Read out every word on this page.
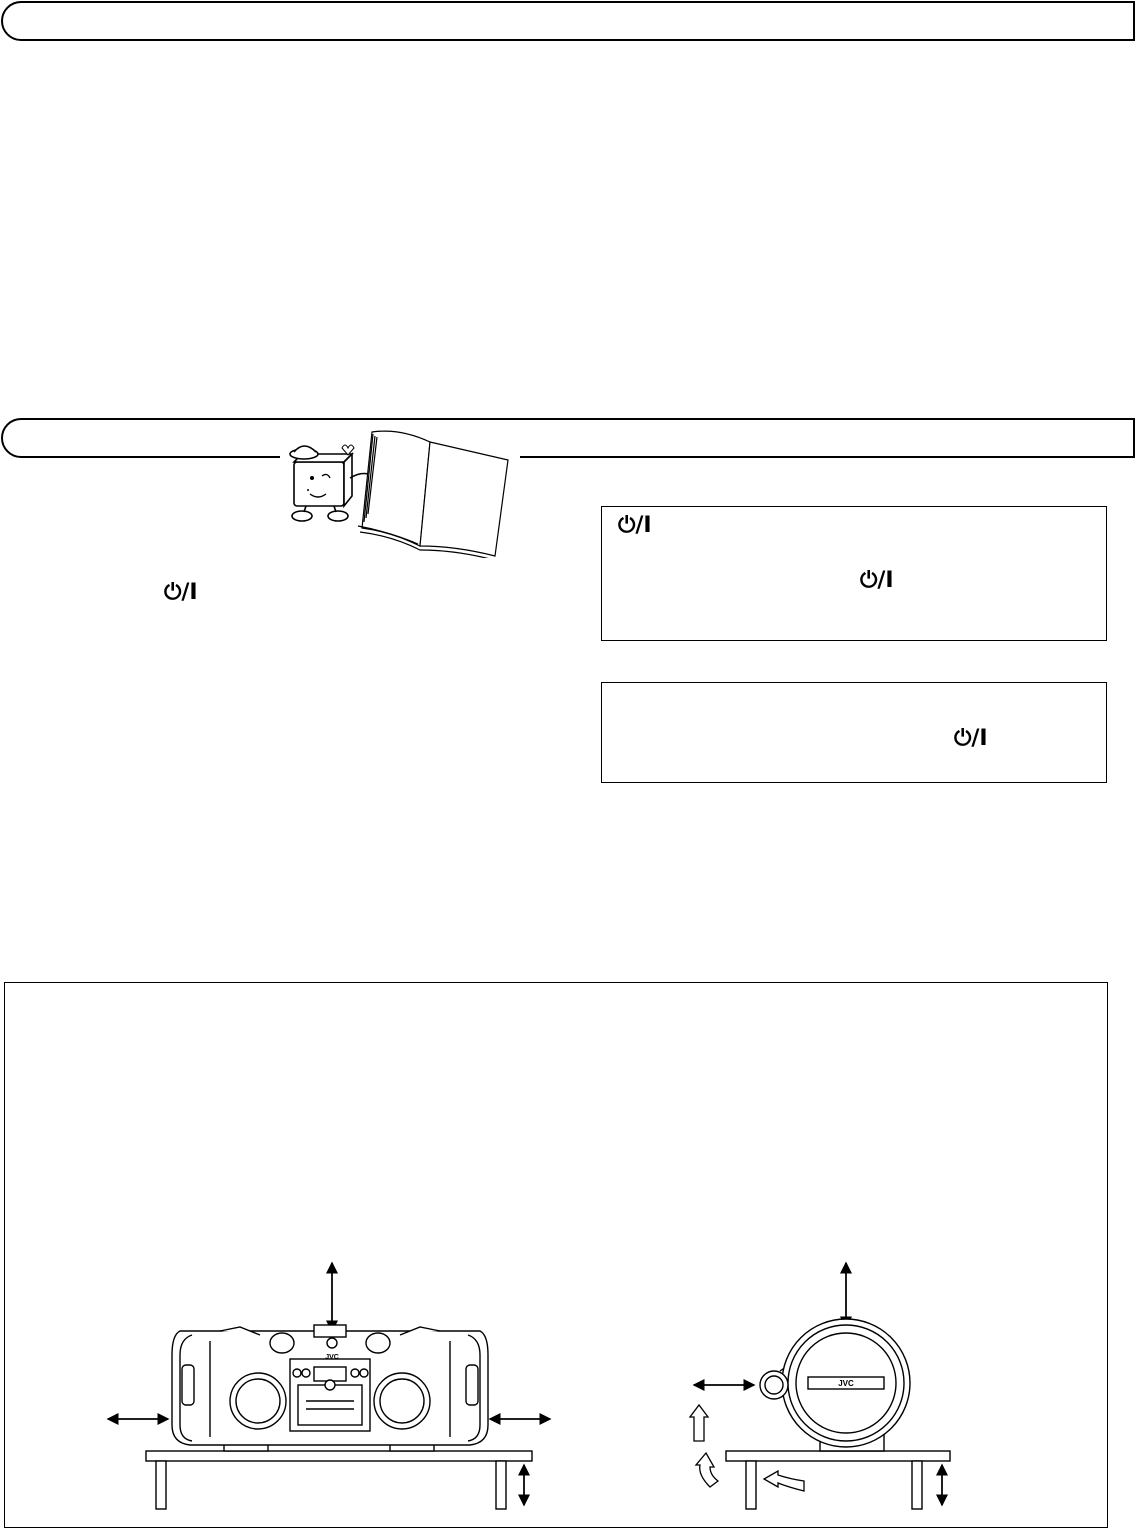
⏻/I
⏻/I
⏻/I
⏻/I
JVC
JVC
